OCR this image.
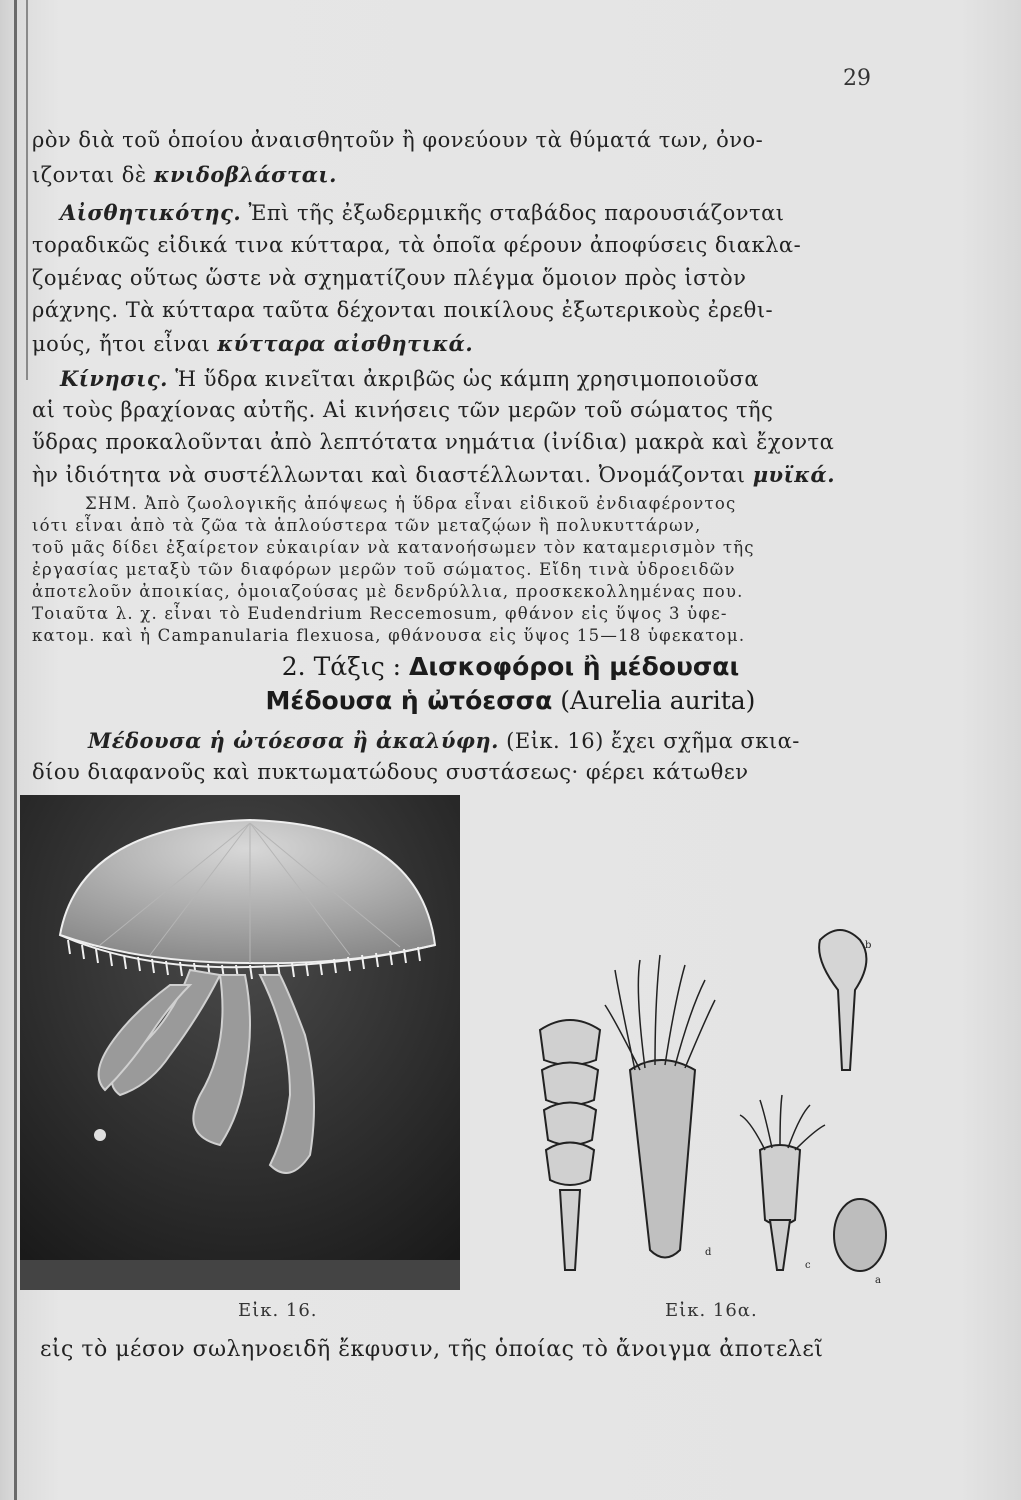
29
ρὸν διὰ τοῦ ὁποίου ἀναισθητοῦν ἢ φονεύουν τὰ θύματά των, ὀνο-
ιζονται δὲ κνιδοβλάσται.
Αἰσθητικότης. Ἐπὶ τῆς ἐξωδερμικῆς σταβάδος παρουσιάζονται
τοραδικῶς εἰδικά τινα κύτταρα, τὰ ὁποῖα φέρουν ἀποφύσεις διακλα-
ζομένας οὕτως ὥστε νὰ σχηματίζουν πλέγμα ὅμοιον πρὸς ἱστὸν
ράχνης. Τὰ κύτταρα ταῦτα δέχονται ποικίλους ἐξωτερικοὺς ἐρεθι-
μούς, ἤτοι εἶναι κύτταρα αἰσθητικά.
Κίνησις. Ἡ ὕδρα κινεῖται ἀκριβῶς ὡς κάμπη χρησιμοποιοῦσα
αἱ τοὺς βραχίονας αὐτῆς. Αἱ κινήσεις τῶν μερῶν τοῦ σώματος τῆς
ὕδρας προκαλοῦνται ἀπὸ λεπτότατα νημάτια (ἰνίδια) μακρὰ καὶ ἔχοντα
ὴν ἰδιότητα νὰ συστέλλωνται καὶ διαστέλλωνται. Ὀνομάζονται μυϊκά.
ΣΗΜ. Ἀπὸ ζωολογικῆς ἀπόψεως ἡ ὕδρα εἶναι εἰδικοῦ ἐνδιαφέροντος
ιότι εἶναι ἀπὸ τὰ ζῶα τὰ ἁπλούστερα τῶν μεταζῴων ἢ πολυκυττάρων,
τοῦ μᾶς δίδει ἐξαίρετον εὐκαιρίαν νὰ κατανοήσωμεν τὸν καταμερισμὸν τῆς
ἐργασίας μεταξὺ τῶν διαφόρων μερῶν τοῦ σώματος. Εἴδη τινὰ ὑδροειδῶν
ἀποτελοῦν ἀποικίας, ὁμοιαζούσας μὲ δενδρύλλια, προσκεκολλημένας που.
Τοιαῦτα λ. χ. εἶναι τὸ Eudendrium Reccemosum, φθάνον εἰς ὕψος 3 ὑφε-
κατομ. καὶ ἡ Campanularia flexuosa, φθάνουσα εἰς ὕψος 15—18 ὑφεκατομ.
2. Τάξις : Δισκοφόροι ἢ μέδουσαι
Μέδουσα ἡ ὠτόεσσα (Aurelia aurita)
Μέδουσα ἡ ὠτόεσσα ἢ ἀκαλύφη. (Εἰκ. 16) ἔχει σχῆμα σκια-
δίου διαφανοῦς καὶ πυκτωματώδους συστάσεως· φέρει κάτωθεν
Εἰκ. 16.
b
d
c
a
Εἰκ. 16α.
εἰς τὸ μέσον σωληνοειδῆ ἔκφυσιν, τῆς ὁποίας τὸ ἄνοιγμα ἀποτελεῖ
